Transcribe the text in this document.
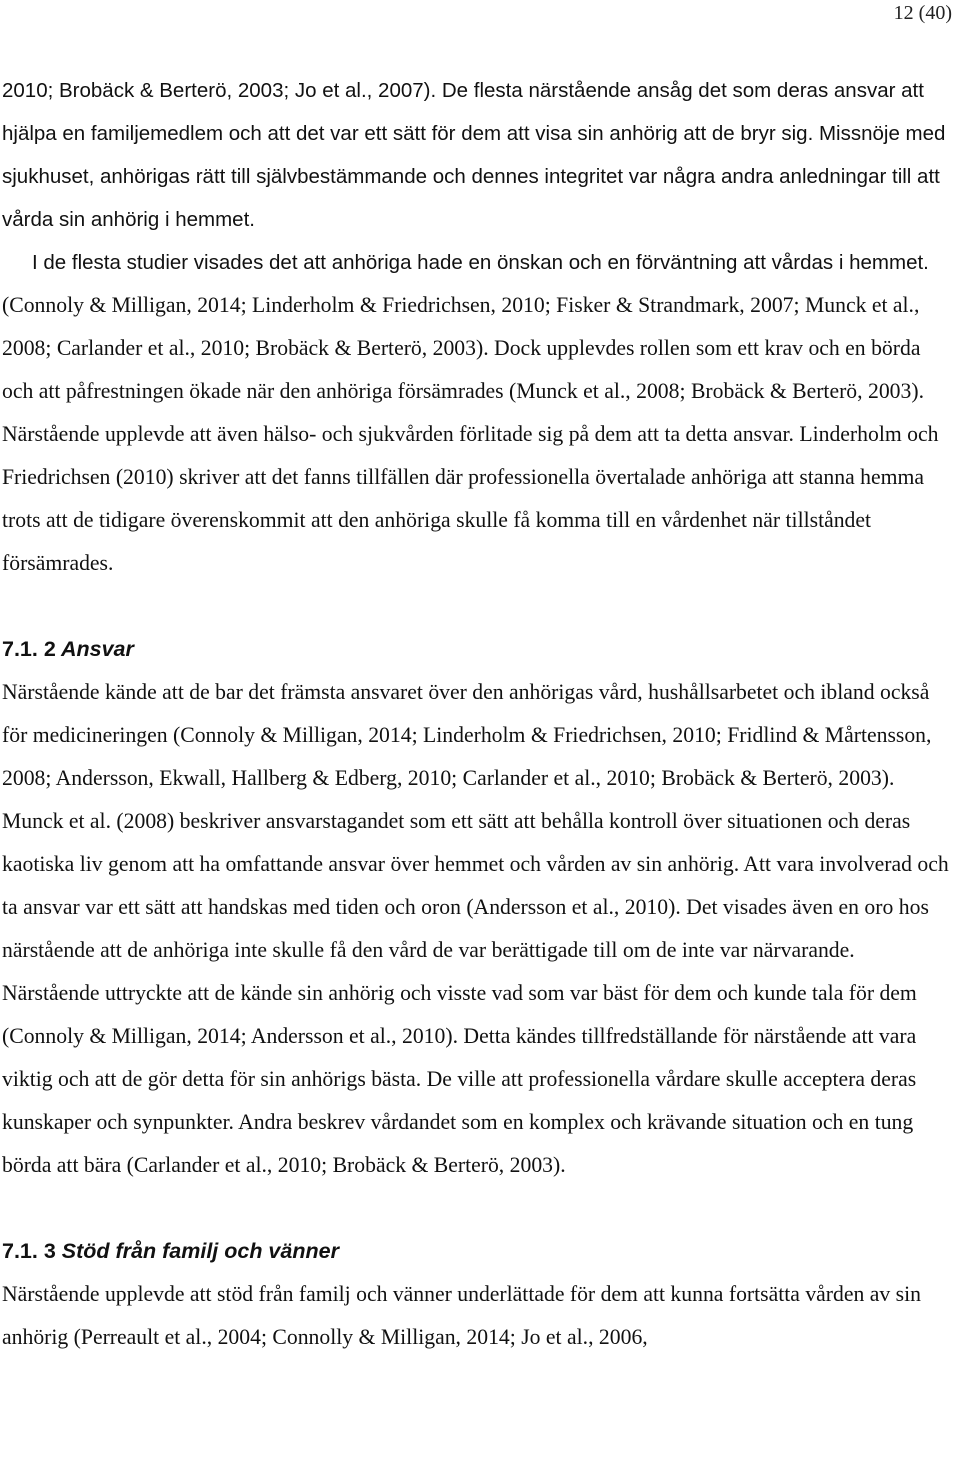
12 (40)

2010; Brobäck & Berterö, 2003; Jo et al., 2007). De flesta närstående ansåg det som deras ansvar att hjälpa en familjemedlem och att det var ett sätt för dem att visa sin anhörig att de bryr sig. Missnöje med sjukhuset, anhörigas rätt till självbestämmande och dennes integritet var några andra anledningar till att vårda sin anhörig i hemmet.

I de flesta studier visades det att anhöriga hade en önskan och en förväntning att vårdas i hemmet. (Connoly & Milligan, 2014; Linderholm & Friedrichsen, 2010; Fisker & Strandmark, 2007; Munck et al., 2008; Carlander et al., 2010; Brobäck & Berterö, 2003). Dock upplevdes rollen som ett krav och en börda och att påfrestningen ökade när den anhöriga försämrades (Munck et al., 2008; Brobäck & Berterö, 2003). Närstående upplevde att även hälso- och sjukvården förlitade sig på dem att ta detta ansvar. Linderholm och Friedrichsen (2010) skriver att det fanns tillfällen där professionella övertalade anhöriga att stanna hemma trots att de tidigare överenskommit att den anhöriga skulle få komma till en vårdenhet när tillståndet försämrades.

7.1. 2 Ansvar

Närstående kände att de bar det främsta ansvaret över den anhörigas vård, hushållsarbetet och ibland också för medicineringen (Connoly & Milligan, 2014; Linderholm & Friedrichsen, 2010; Fridlind & Mårtensson, 2008; Andersson, Ekwall, Hallberg & Edberg, 2010; Carlander et al., 2010; Brobäck & Berterö, 2003). Munck et al. (2008) beskriver ansvarstagandet som ett sätt att behålla kontroll över situationen och deras kaotiska liv genom att ha omfattande ansvar över hemmet och vården av sin anhörig. Att vara involverad och ta ansvar var ett sätt att handskas med tiden och oron (Andersson et al., 2010). Det visades även en oro hos närstående att de anhöriga inte skulle få den vård de var berättigade till om de inte var närvarande. Närstående uttryckte att de kände sin anhörig och visste vad som var bäst för dem och kunde tala för dem (Connoly & Milligan, 2014; Andersson et al., 2010). Detta kändes tillfredställande för närstående att vara viktig och att de gör detta för sin anhörigs bästa. De ville att professionella vårdare skulle acceptera deras kunskaper och synpunkter. Andra beskrev vårdandet som en komplex och krävande situation och en tung börda att bära (Carlander et al., 2010; Brobäck & Berterö, 2003).

7.1. 3 Stöd från familj och vänner

Närstående upplevde att stöd från familj och vänner underlättade för dem att kunna fortsätta vården av sin anhörig (Perreault et al., 2004; Connolly & Milligan, 2014; Jo et al., 2006,
